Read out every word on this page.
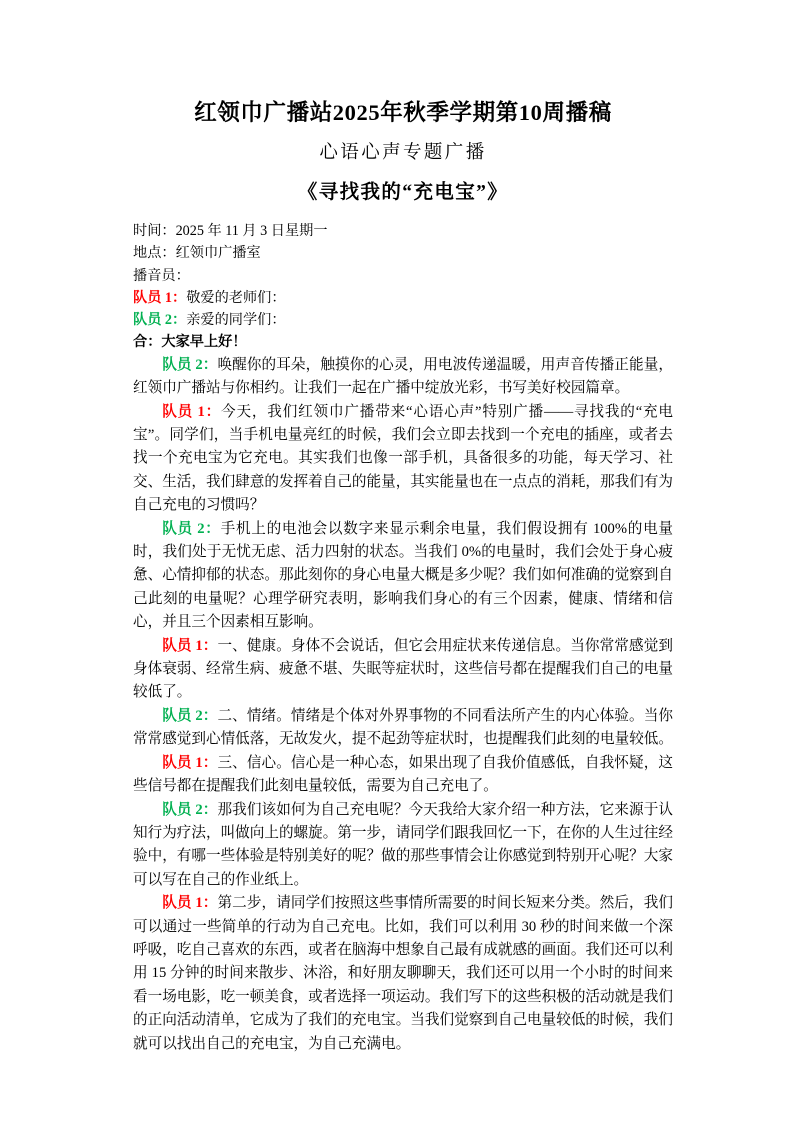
红领巾广播站2025年秋季学期第10周播稿
心语心声专题广播
《寻找我的“充电宝”》
时间：2025 年 11 月 3 日星期一
地点：红领巾广播室
播音员：
队员 1：敬爱的老师们：
队员 2：亲爱的同学们：
合：大家早上好！

队员 2：唤醒你的耳朵，触摸你的心灵，用电波传递温暖，用声音传播正能量，红领巾广播站与你相约。让我们一起在广播中绽放光彩，书写美好校园篇章。

队员 1：今天，我们红领巾广播带来“心语心声”特别广播——寻找我的“充电宝”。同学们，当手机电量亮红的时候，我们会立即去找到一个充电的插座，或者去找一个充电宝为它充电。其实我们也像一部手机，具备很多的功能，每天学习、社交、生活，我们肆意的发挥着自己的能量，其实能量也在一点点的消耗，那我们有为自己充电的习惯吗？

队员 2：手机上的电池会以数字来显示剩余电量，我们假设拥有 100%的电量时，我们处于无忧无虑、活力四射的状态。当我们 0%的电量时，我们会处于身心疲惫、心情抑郁的状态。那此刻你的身心电量大概是多少呢？我们如何准确的觉察到自己此刻的电量呢？心理学研究表明，影响我们身心的有三个因素，健康、情绪和信心，并且三个因素相互影响。

队员 1：一、健康。身体不会说话，但它会用症状来传递信息。当你常常感觉到身体衰弱、经常生病、疲惫不堪、失眠等症状时，这些信号都在提醒我们自己的电量较低了。

队员 2：二、情绪。情绪是个体对外界事物的不同看法所产生的内心体验。当你常常感觉到心情低落，无故发火，提不起劲等症状时，也提醒我们此刻的电量较低。

队员 1：三、信心。信心是一种心态，如果出现了自我价值感低，自我怀疑，这些信号都在提醒我们此刻电量较低，需要为自己充电了。

队员 2：那我们该如何为自己充电呢？今天我给大家介绍一种方法，它来源于认知行为疗法，叫做向上的螺旋。第一步，请同学们跟我回忆一下，在你的人生过往经验中，有哪一些体验是特别美好的呢？做的那些事情会让你感觉到特别开心呢？大家可以写在自己的作业纸上。

队员 1：第二步，请同学们按照这些事情所需要的时间长短来分类。然后，我们可以通过一些简单的行动为自己充电。比如，我们可以利用 30 秒的时间来做一个深呼吸，吃自己喜欢的东西，或者在脑海中想象自己最有成就感的画面。我们还可以利用 15 分钟的时间来散步、沐浴，和好朋友聊聊天，我们还可以用一个小时的时间来看一场电影，吃一顿美食，或者选择一项运动。我们写下的这些积极的活动就是我们的正向活动清单，它成为了我们的充电宝。当我们觉察到自己电量较低的时候，我们就可以找出自己的充电宝，为自己充满电。
